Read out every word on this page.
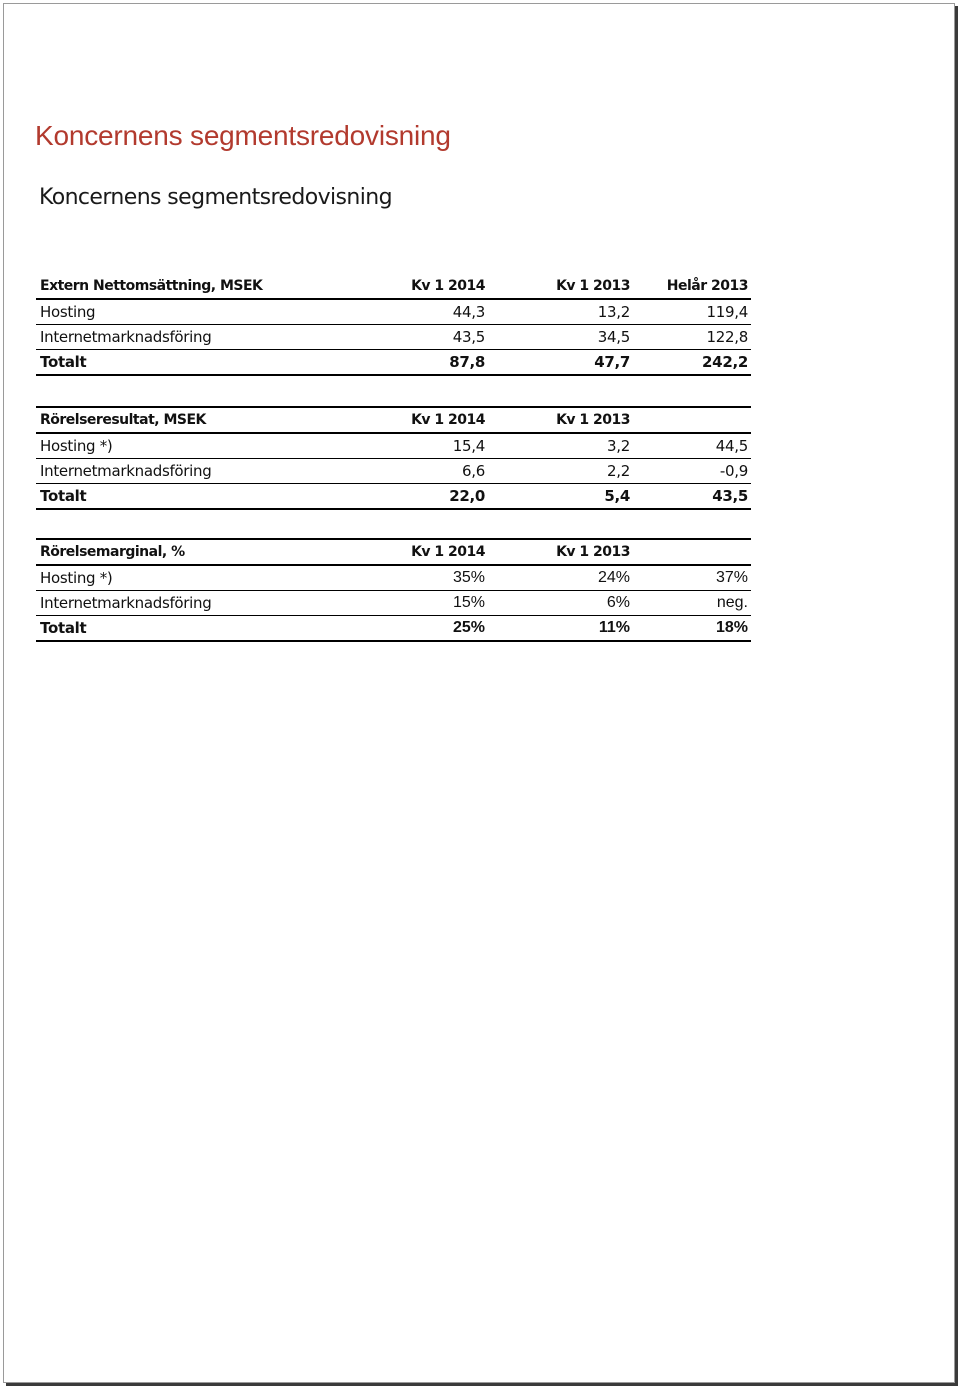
Koncernens segmentsredovisning
Koncernens segmentsredovisning
Extern Nettomsättning, MSEK	Kv 1 2014	Kv 1 2013	Helår 2013
Hosting	44,3	13,2	119,4
Internetmarknadsföring	43,5	34,5	122,8
Totalt	87,8	47,7	242,2
Rörelseresultat, MSEK	Kv 1 2014	Kv 1 2013	
Hosting *)	15,4	3,2	44,5
Internetmarknadsföring	6,6	2,2	-0,9
Totalt	22,0	5,4	43,5
Rörelsemarginal, %	Kv 1 2014	Kv 1 2013	
Hosting *)	35%	24%	37%
Internetmarknadsföring	15%	6%	neg.
Totalt	25%	11%	18%
